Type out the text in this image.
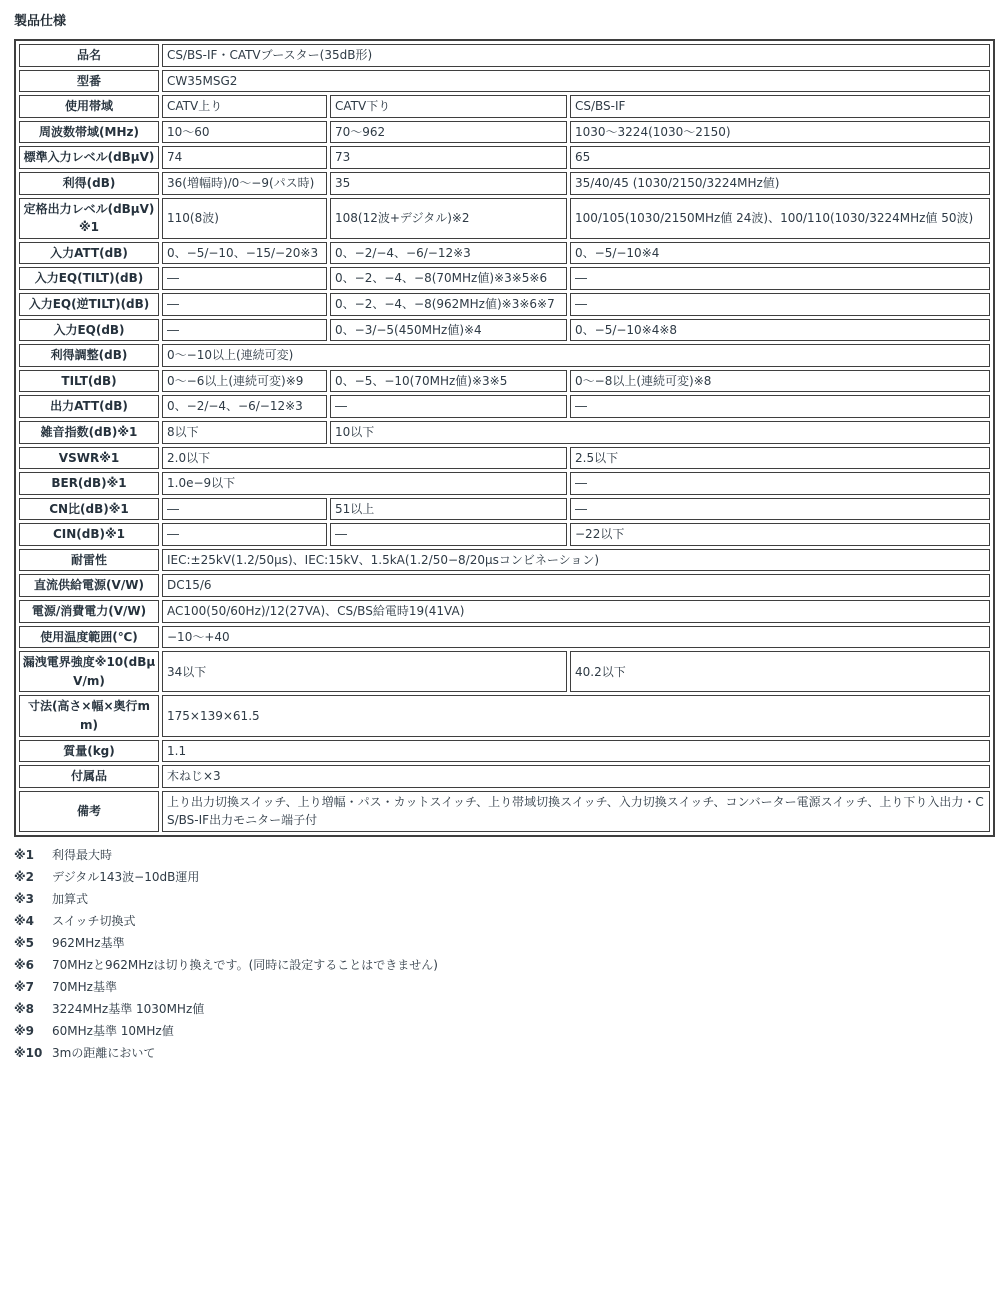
製品仕様
品名	CS/BS-IF・CATVブースター(35dB形)		
型番	CW35MSG2		
使用帯域	CATV上り	CATV下り	CS/BS-IF
周波数帯域(MHz)	10～60	70～962	1030～3224(1030～2150)
標準入力レベル(dBμV)	74	73	65
利得(dB)	36(増幅時)/0～−9(パス時)	35	35/40/45 (1030/2150/3224MHz値)
定格出力レベル(dBμV)※1	110(8波)	108(12波+デジタル)※2	100/105(1030/2150MHz値 24波)、100/110(1030/3224MHz値 50波)
入力ATT(dB)	0、−5/−10、−15/−20※3	0、−2/−4、−6/−12※3	0、−5/−10※4
入力EQ(TILT)(dB)	―	0、−2、−4、−8(70MHz値)※3※5※6	―
入力EQ(逆TILT)(dB)	―	0、−2、−4、−8(962MHz値)※3※6※7	―
入力EQ(dB)	―	0、−3/−5(450MHz値)※4	0、−5/−10※4※8
利得調整(dB)	0～−10以上(連続可変)		
TILT(dB)	0～−6以上(連続可変)※9	0、−5、−10(70MHz値)※3※5	0～−8以上(連続可変)※8
出力ATT(dB)	0、−2/−4、−6/−12※3	―	―
雑音指数(dB)※1	8以下	10以下	
VSWR※1	2.0以下		2.5以下
BER(dB)※1	1.0e−9以下		―
CN比(dB)※1	―	51以上	―
CIN(dB)※1	―	―	−22以下
耐雷性	IEC:±25kV(1.2/50μs)、IEC:15kV、1.5kA(1.2/50−8/20μsコンビネーション)		
直流供給電源(V/W)	DC15/6		
電源/消費電力(V/W)	AC100(50/60Hz)/12(27VA)、CS/BS給電時19(41VA)		
使用温度範囲(℃)	−10～+40		
漏洩電界強度※10(dBμV/m)	34以下		40.2以下
寸法(高さ×幅×奥行mm)	175×139×61.5		
質量(kg)	1.1		
付属品	木ねじ×3		
備考	上り出力切換スイッチ、上り増幅・パス・カットスイッチ、上り帯域切換スイッチ、入力切換スイッチ、コンバーター電源スイッチ、上り下り入出力・CS/BS-IF出力モニター端子付		
※1 利得最大時
※2 デジタル143波−10dB運用
※3 加算式
※4 スイッチ切換式
※5 962MHz基準
※6 70MHzと962MHzは切り換えです。(同時に設定することはできません)
※7 70MHz基準
※8 3224MHz基準 1030MHz値
※9 60MHz基準 10MHz値
※10 3mの距離において
